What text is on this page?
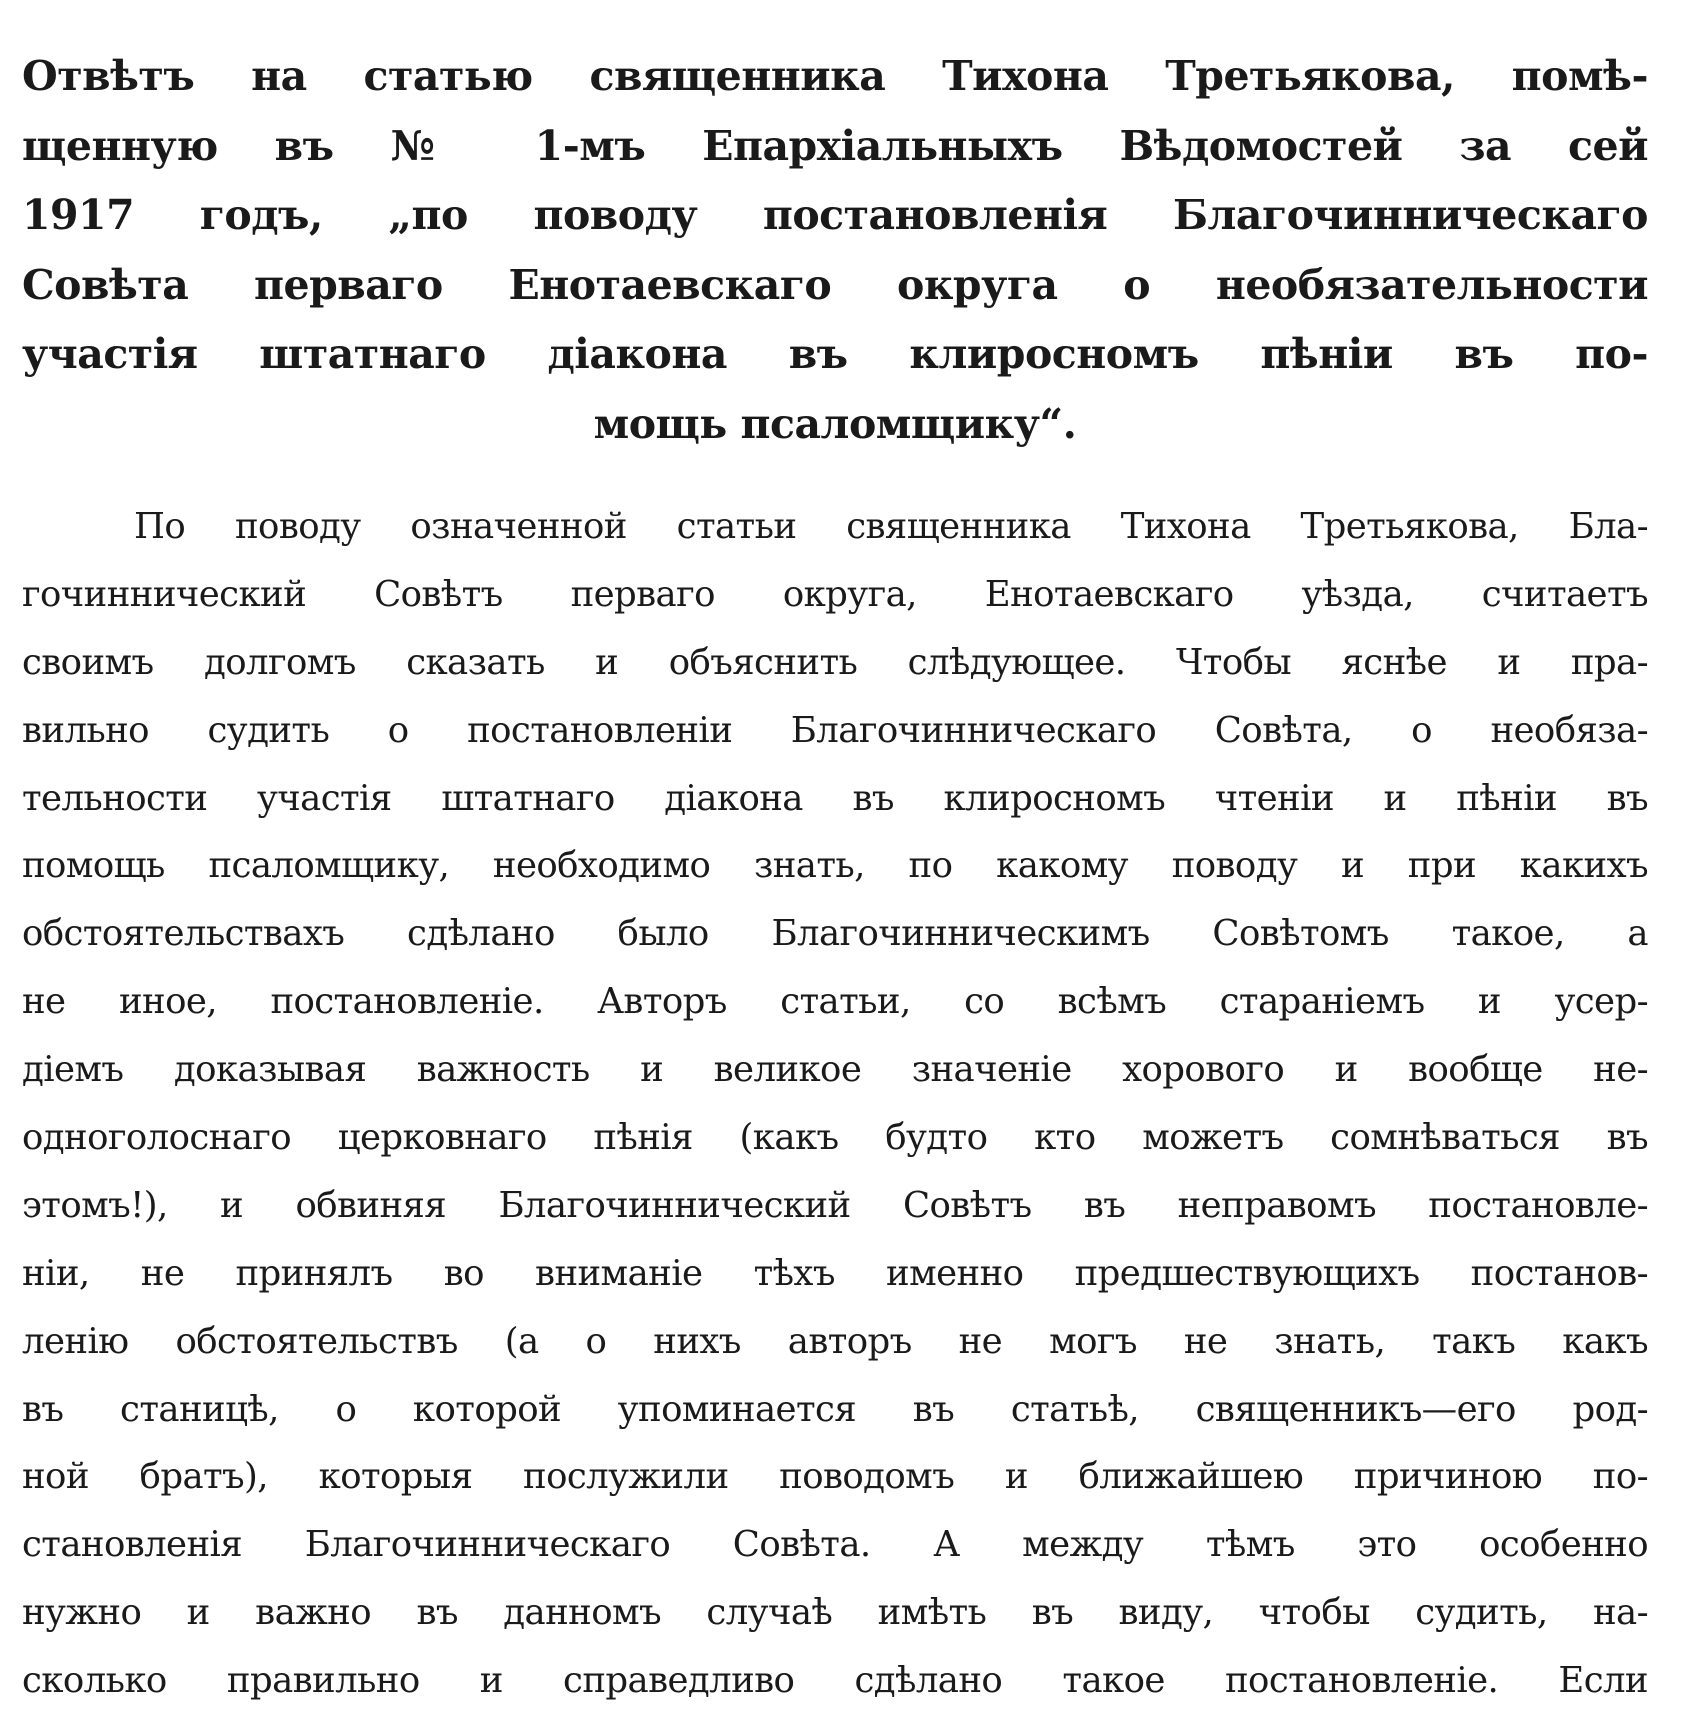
Отвѣтъ на статью священника Тихона Третьякова, помѣ-
щенную въ № 1-мъ Епархіальныхъ Вѣдомостей за сей
1917 годъ, „по поводу постановленія Благочинническаго
Совѣта перваго Енотаевскаго округа о необязательности
участія штатнаго діакона въ клиросномъ пѣніи въ по-
мощь псаломщику“.
По поводу означенной статьи священника Тихона Третьякова, Бла-
гочиннический Совѣтъ перваго округа, Енотаевскаго уѣзда, считаетъ
своимъ долгомъ сказать и объяснить слѣдующее. Чтобы яснѣе и пра-
вильно судить о постановленіи Благочинническаго Совѣта, о необяза-
тельности участія штатнаго діакона въ клиросномъ чтеніи и пѣніи въ
помощь псаломщику, необходимо знать, по какому поводу и при какихъ
обстоятельствахъ сдѣлано было Благочинническимъ Совѣтомъ такое, а
не иное, постановленіе. Авторъ статьи, со всѣмъ стараніемъ и усер-
діемъ доказывая важность и великое значеніе хорового и вообще не-
одноголоснаго церковнаго пѣнія (какъ будто кто можетъ сомнѣваться въ
этомъ!), и обвиняя Благочиннический Совѣтъ въ неправомъ постановле-
ніи, не принялъ во вниманіе тѣхъ именно предшествующихъ постанов-
ленію обстоятельствъ (а о нихъ авторъ не могъ не знать, такъ какъ
въ станицѣ, о которой упоминается въ статьѣ, священникъ—его род-
ной братъ), которыя послужили поводомъ и ближайшею причиною по-
становленія Благочинническаго Совѣта. А между тѣмъ это особенно
нужно и важно въ данномъ случаѣ имѣть въ виду, чтобы судить, на-
сколько правильно и справедливо сдѣлано такое постановленіе. Если
